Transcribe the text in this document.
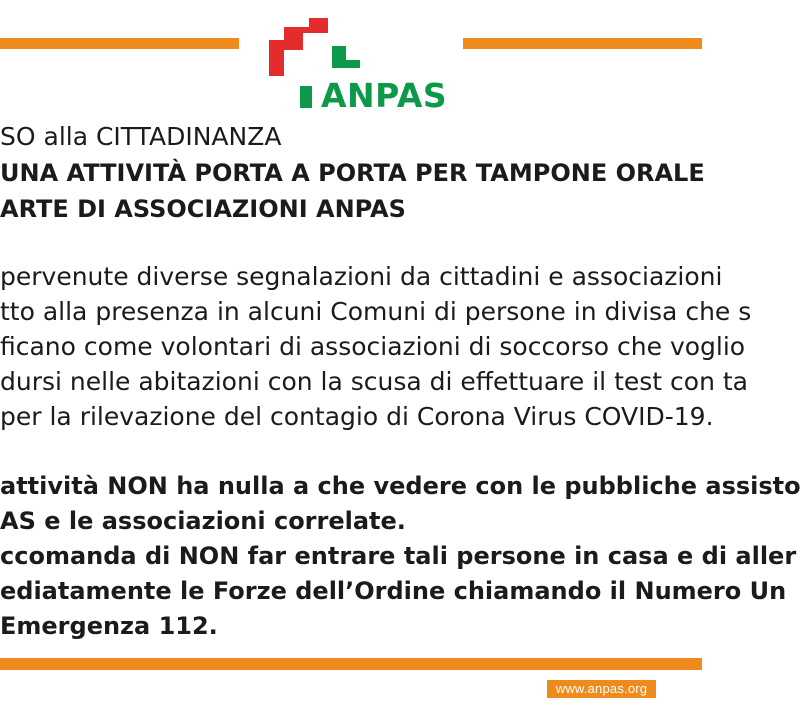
ANPAS
SO alla CITTADINANZA
UNA ATTIVITÀ PORTA A PORTA PER TAMPONE ORALE
ARTE DI ASSOCIAZIONI ANPAS
pervenute diverse segnalazioni da cittadini e associazioni
tto alla presenza in alcuni Comuni di persone in divisa che s
ficano come volontari di associazioni di soccorso che voglio
dursi nelle abitazioni con la scusa di effettuare il test con ta
per la rilevazione del contagio di Corona Virus COVID-19.
attività NON ha nulla a che vedere con le pubbliche assisto
AS e le associazioni correlate.
ccomanda di NON far entrare tali persone in casa e di aller
ediatamente le Forze dell’Ordine chiamando il Numero Un
Emergenza 112.
www.anpas.org
